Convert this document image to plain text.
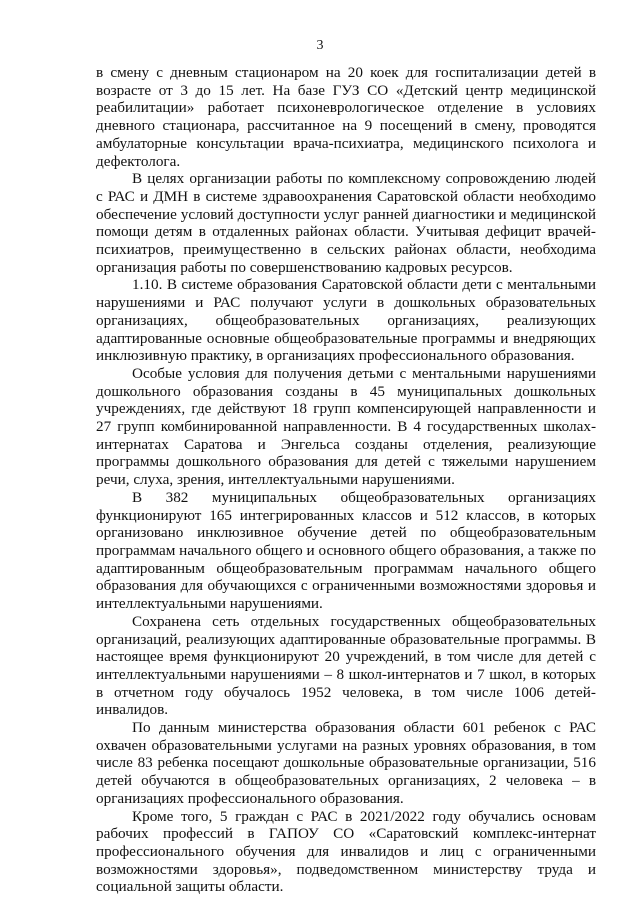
3

в смену с дневным стационаром на 20 коек для госпитализации детей в возрасте от 3 до 15 лет. На базе ГУЗ СО «Детский центр медицинской реабилитации» работает психоневрологическое отделение в условиях дневного стационара, рассчитанное на 9 посещений в смену, проводятся амбулаторные консультации врача-психиатра, медицинского психолога и дефектолога.

В целях организации работы по комплексному сопровождению людей с РАС и ДМН в системе здравоохранения Саратовской области необходимо обеспечение условий доступности услуг ранней диагностики и медицинской помощи детям в отдаленных районах области. Учитывая дефицит врачей-психиатров, преимущественно в сельских районах области, необходима организация работы по совершенствованию кадровых ресурсов.

1.10. В системе образования Саратовской области дети с ментальными нарушениями и РАС получают услуги в дошкольных образовательных организациях, общеобразовательных организациях, реализующих адаптированные основные общеобразовательные программы и внедряющих инклюзивную практику, в организациях профессионального образования.

Особые условия для получения детьми с ментальными нарушениями дошкольного образования созданы в 45 муниципальных дошкольных учреждениях, где действуют 18 групп компенсирующей направленности и 27 групп комбинированной направленности. В 4 государственных школах-интернатах Саратова и Энгельса созданы отделения, реализующие программы дошкольного образования для детей с тяжелыми нарушением речи, слуха, зрения, интеллектуальными нарушениями.

В 382 муниципальных общеобразовательных организациях функционируют 165 интегрированных классов и 512 классов, в которых организовано инклюзивное обучение детей по общеобразовательным программам начального общего и основного общего образования, а также по адаптированным общеобразовательным программам начального общего образования для обучающихся с ограниченными возможностями здоровья и интеллектуальными нарушениями.

Сохранена сеть отдельных государственных общеобразовательных организаций, реализующих адаптированные образовательные программы. В настоящее время функционируют 20 учреждений, в том числе для детей с интеллектуальными нарушениями – 8 школ-интернатов и 7 школ, в которых в отчетном году обучалось 1952 человека, в том числе 1006 детей-инвалидов.

По данным министерства образования области 601 ребенок с РАС охвачен образовательными услугами на разных уровнях образования, в том числе 83 ребенка посещают дошкольные образовательные организации, 516 детей обучаются в общеобразовательных организациях, 2 человека – в организациях профессионального образования.

Кроме того, 5 граждан с РАС в 2021/2022 году обучались основам рабочих профессий в ГАПОУ СО «Саратовский комплекс-интернат профессионального обучения для инвалидов и лиц с ограниченными возможностями здоровья», подведомственном министерству труда и социальной защиты области.
